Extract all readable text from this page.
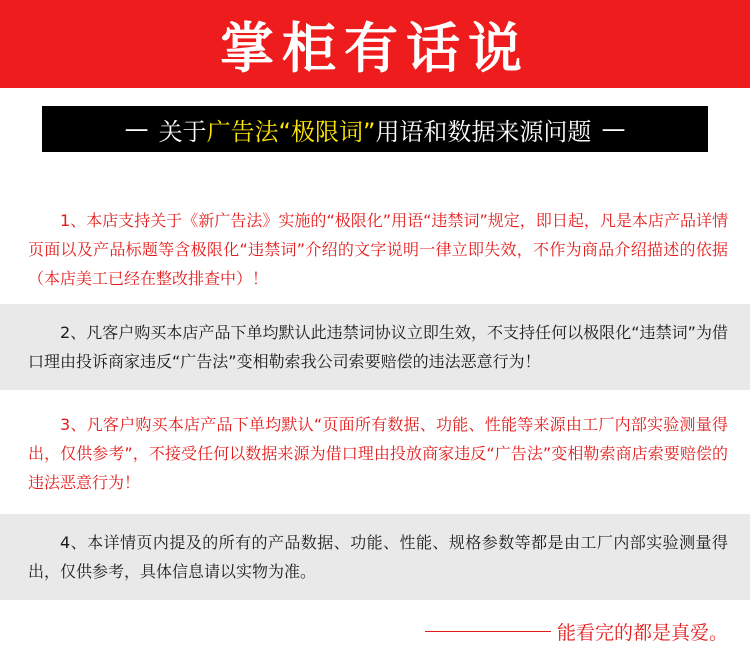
掌柜有话说
— 关于 广告法“极限词” 用语和数据来源问题 —

1、本店支持关于《新广告法》实施的“极限化”用语“违禁词”规定，即日起，凡是本店产品详情页面以及产品标题等含极限化“违禁词”介绍的文字说明一律立即失效，不作为商品介绍描述的依据（本店美工已经在整改排查中）！

2、凡客户购买本店产品下单均默认此违禁词协议立即生效，不支持任何以极限化“违禁词”为借口理由投诉商家违反“广告法”变相勒索我公司索要赔偿的违法恶意行为！

3、凡客户购买本店产品下单均默认“页面所有数据、功能、性能等来源由工厂内部实验测量得出，仅供参考”，不接受任何以数据来源为借口理由投放商家违反“广告法”变相勒索商店索要赔偿的违法恶意行为！

4、本详情页内提及的所有的产品数据、功能、性能、规格参数等都是由工厂内部实验测量得出，仅供参考，具体信息请以实物为准。

能看完的都是真爱。
